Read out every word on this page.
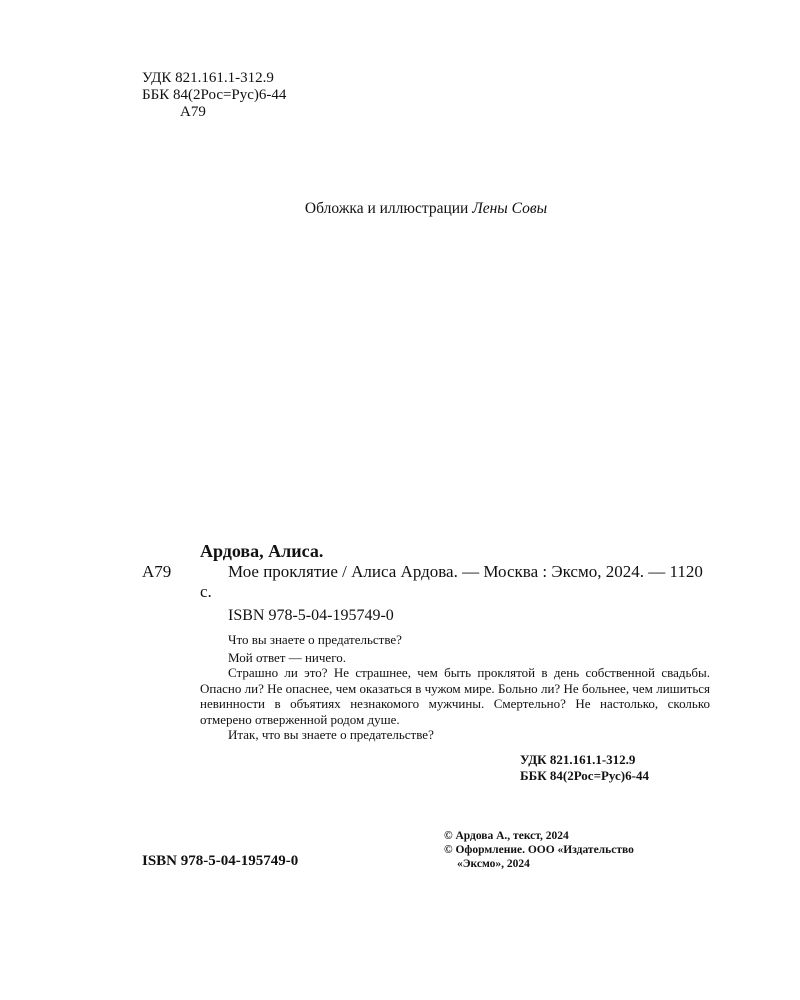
УДК 821.161.1-312.9
ББК 84(2Рос=Рус)6-44
А79
Обложка и иллюстрации Лены Совы
Ардова, Алиса.
А79	Мое проклятие / Алиса Ардова. — Москва : Эксмо, 2024. — 1120 с.
ISBN 978-5-04-195749-0

Что вы знаете о предательстве?

Мой ответ — ничего.

Страшно ли это? Не страшнее, чем быть проклятой в день собственной свадьбы. Опасно ли? Не опаснее, чем оказаться в чужом мире. Больно ли? Не больнее, чем лишиться невинности в объятиях незнакомого мужчины. Смертельно? Не настолько, сколько отмерено отверженной родом душе.

Итак, что вы знаете о предательстве?

УДК 821.161.1-312.9
ББК 84(2Рос=Рус)6-44
ISBN 978-5-04-195749-0
© Ардова А., текст, 2024
© Оформление. ООО «Издательство
«Эксмо», 2024
